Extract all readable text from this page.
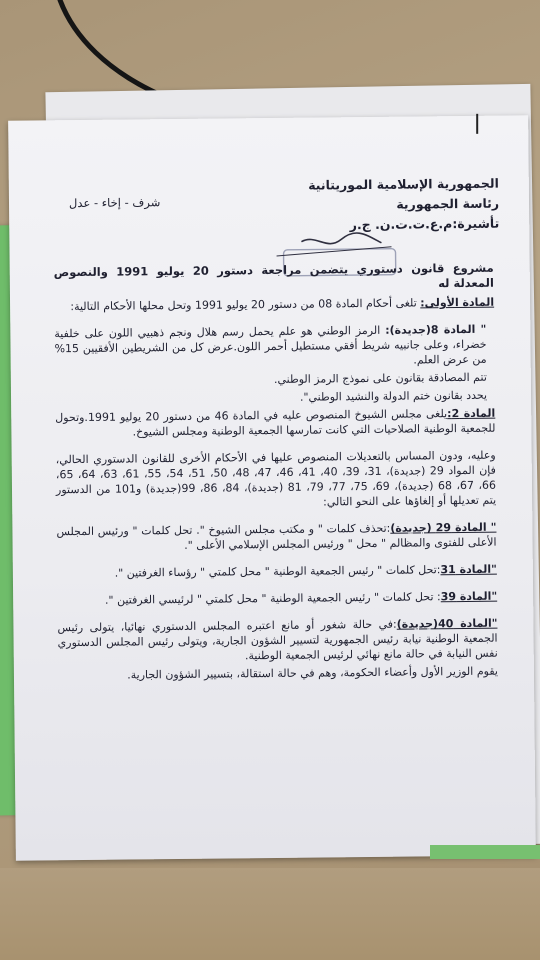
الجمهورية الإسلامية الموريتانية
رئاسة الجمهورية
تأشيرة:م.ع.ت.ت.ن. ج.ر
شرف - إخاء - عدل

مشروع قانون دستوري يتضمن مراجعة دستور 20 يوليو 1991 والنصوص المعدلة له

المادة الأولى: تلغى أحكام المادة 08 من دستور 20 يوليو 1991 وتحل محلها الأحكام التالية:

" المادة 8(جديدة): الرمز الوطني هو علم يحمل رسم هلال ونجم ذهبيي اللون على خلفية خضراء، وعلى جانبيه شريط أفقي مستطيل أحمر اللون.عرض كل من الشريطين الأفقيين 15% من عرض العلم.

تتم المصادقة بقانون على نموذج الرمز الوطني.

يحدد بقانون ختم الدولة والنشيد الوطني".

المادة 2:يلغى مجلس الشيوخ المنصوص عليه في المادة 46 من دستور 20 يوليو 1991.وتحول للجمعية الوطنية الصلاحيات التي كانت تمارسها الجمعية الوطنية ومجلس الشيوخ.

وعليه، ودون المساس بالتعديلات المنصوص عليها في الأحكام الأخرى للقانون الدستوري الحالي، فإن المواد 29 (جديدة)، 31، 39، 40، 41، 46، 47، 48، 50، 51، 54، 55، 61، 63، 64، 65، 66، 67، 68 (جديدة)، 69، 75، 77، 79، 81 (جديدة)، 84، 86، 99(جديدة) و101 من الدستور يتم تعديلها أو إلغاؤها على النحو التالي:

" المادة 29 (جديدة):تحذف كلمات " و مكتب مجلس الشيوخ ". تحل كلمات " ورئيس المجلس الأعلى للفتوى والمظالم " محل " ورئيس المجلس الإسلامي الأعلى ".

"المادة 31:تحل كلمات " رئيس الجمعية الوطنية " محل كلمتي " رؤساء الغرفتين ".

"المادة 39: تحل كلمات " رئيس الجمعية الوطنية " محل كلمتي " لرئيسي الغرفتين ".

"المادة 40(جديدة):في حالة شغور أو مانع اعتبره المجلس الدستوري نهائيا، يتولى رئيس الجمعية الوطنية نيابة رئيس الجمهورية لتسيير الشؤون الجارية، ويتولى رئيس المجلس الدستوري نفس النيابة في حالة مانع نهائي لرئيس الجمعية الوطنية.

يقوم الوزير الأول وأعضاء الحكومة، وهم في حالة استقالة، بتسيير الشؤون الجارية.
